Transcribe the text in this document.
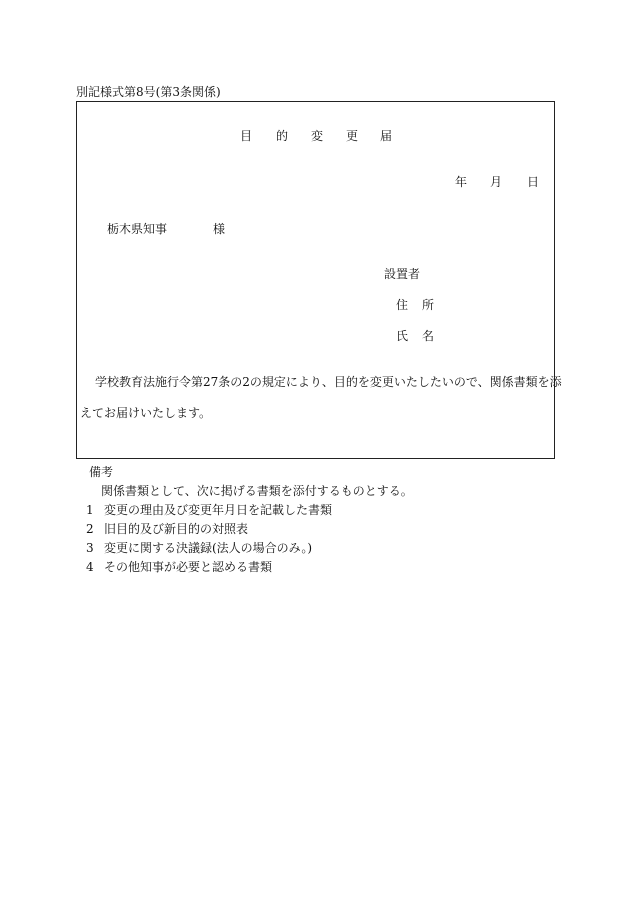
別記様式第8号(第3条関係)
目 的 変 更 届
年 月 日
栃木県知事	様
設置者
住 所
氏 名
学校教育法施行令第27条の2の規定により、目的を変更いたしたいので、関係書類を添
えてお届けいたします。
備考
関係書類として、次に掲げる書類を添付するものとする。
1 変更の理由及び変更年月日を記載した書類
2 旧目的及び新目的の対照表
3 変更に関する決議録(法人の場合のみ。)
4 その他知事が必要と認める書類
